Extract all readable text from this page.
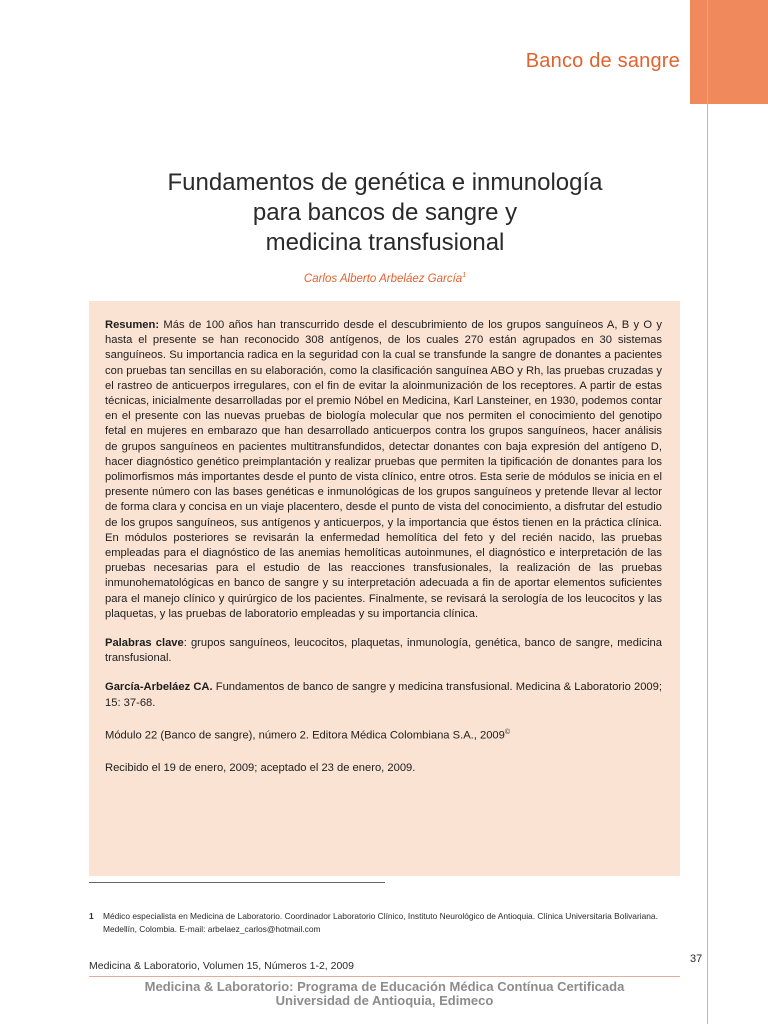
Banco de sangre
Fundamentos de genética e inmunología
para bancos de sangre y
medicina transfusional
Carlos Alberto Arbeláez García$^1$

Resumen: Más de 100 años han transcurrido desde el descubrimiento de los grupos sanguíneos A, B y O y hasta el presente se han reconocido 308 antígenos, de los cuales 270 están agrupados en 30 sistemas sanguíneos. Su importancia radica en la seguridad con la cual se transfunde la sangre de donantes a pacientes con pruebas tan sencillas en su elaboración, como la clasificación sanguínea ABO y Rh, las pruebas cruzadas y el rastreo de anticuerpos irregulares, con el fin de evitar la aloinmunización de los receptores. A partir de estas técnicas, inicialmente desarrolladas por el premio Nóbel en Medicina, Karl Lansteiner, en 1930, podemos contar en el presente con las nuevas pruebas de biología molecular que nos permiten el conocimiento del genotipo fetal en mujeres en embarazo que han desarrollado anticuerpos contra los grupos sanguíneos, hacer análisis de grupos sanguíneos en pacientes multitransfundidos, detectar donantes con baja expresión del antígeno D, hacer diagnóstico genético preimplantación y realizar pruebas que permiten la tipificación de donantes para los polimorfismos más importantes desde el punto de vista clínico, entre otros. Esta serie de módulos se inicia en el presente número con las bases genéticas e inmunológicas de los grupos sanguíneos y pretende llevar al lector de forma clara y concisa en un viaje placentero, desde el punto de vista del conocimiento, a disfrutar del estudio de los grupos sanguíneos, sus antígenos y anticuerpos, y la importancia que éstos tienen en la práctica clínica. En módulos posteriores se revisarán la enfermedad hemolítica del feto y del recién nacido, las pruebas empleadas para el diagnóstico de las anemias hemolíticas autoinmunes, el diagnóstico e interpretación de las pruebas necesarias para el estudio de las reacciones transfusionales, la realización de las pruebas inmunohematológicas en banco de sangre y su interpretación adecuada a fin de aportar elementos suficientes para el manejo clínico y quirúrgico de los pacientes. Finalmente, se revisará la serología de los leucocitos y las plaquetas, y las pruebas de laboratorio empleadas y su importancia clínica.

Palabras clave: grupos sanguíneos, leucocitos, plaquetas, inmunología, genética, banco de sangre, medicina transfusional.

García-Arbeláez CA. Fundamentos de banco de sangre y medicina transfusional. Medicina & Laboratorio 2009; 15: 37-68.

Módulo 22 (Banco de sangre), número 2. Editora Médica Colombiana S.A., 2009©

Recibido el 19 de enero, 2009; aceptado el 23 de enero, 2009.

1 Médico especialista en Medicina de Laboratorio. Coordinador Laboratorio Clínico, Instituto Neurológico de Antioquia. Clínica Universitaria Bolivariana. Medellín, Colombia. E-mail: arbelaez_carlos@hotmail.com
Medicina & Laboratorio, Volumen 15, Números 1-2, 2009
Medicina & Laboratorio: Programa de Educación Médica Contínua Certificada
Universidad de Antioquia, Edimeco
37
